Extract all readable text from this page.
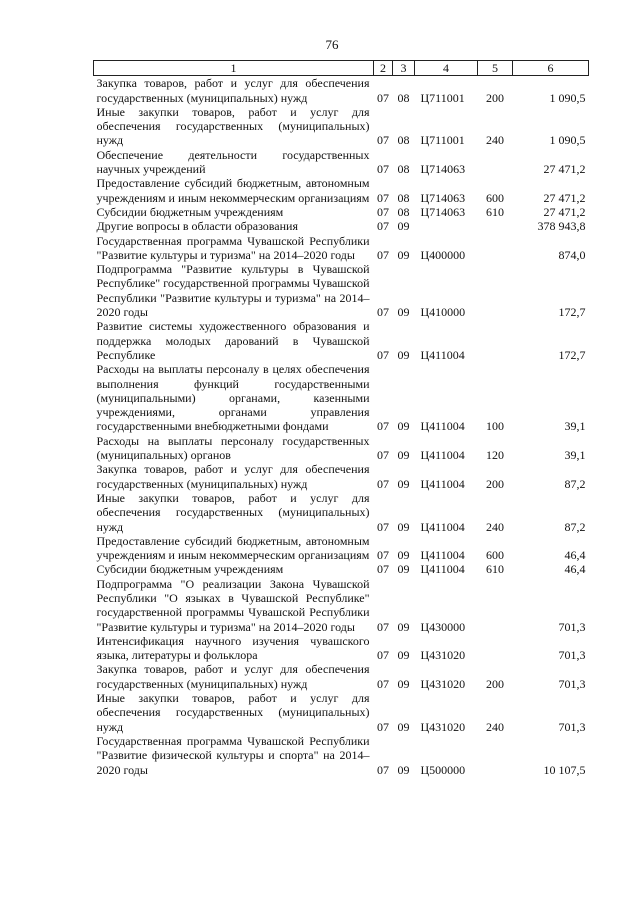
76
1	2	3	4	5	6
Закупка товаров, работ и услуг для обеспечения государственных (муниципальных) нужд	07	08	Ц711001	200	1 090,5
Иные закупки товаров, работ и услуг для обеспечения государственных (муниципальных) нужд	07	08	Ц711001	240	1 090,5
Обеспечение деятельности государственных научных учреждений	07	08	Ц714063		27 471,2
Предоставление субсидий бюджетным, автономным учреждениям и иным некоммерческим организациям	07	08	Ц714063	600	27 471,2
Субсидии бюджетным учреждениям	07	08	Ц714063	610	27 471,2
Другие вопросы в области образования	07	09			378 943,8
Государственная программа Чувашской Республики "Развитие культуры и туризма" на 2014–2020 годы	07	09	Ц400000		874,0
Подпрограмма "Развитие культуры в Чувашской Республике" государственной программы Чувашской Республики "Развитие культуры и туризма" на 2014–2020 годы	07	09	Ц410000		172,7
Развитие системы художественного образования и поддержка молодых дарований в Чувашской Республике	07	09	Ц411004		172,7
Расходы на выплаты персоналу в целях обеспечения выполнения функций государственными (муниципальными) органами, казенными учреждениями, органами управления государственными внебюджетными фондами	07	09	Ц411004	100	39,1
Расходы на выплаты персоналу государственных (муниципальных) органов	07	09	Ц411004	120	39,1
Закупка товаров, работ и услуг для обеспечения государственных (муниципальных) нужд	07	09	Ц411004	200	87,2
Иные закупки товаров, работ и услуг для обеспечения государственных (муниципальных) нужд	07	09	Ц411004	240	87,2
Предоставление субсидий бюджетным, автономным учреждениям и иным некоммерческим организациям	07	09	Ц411004	600	46,4
Субсидии бюджетным учреждениям	07	09	Ц411004	610	46,4
Подпрограмма "О реализации Закона Чувашской Республики "О языках в Чувашской Республике" государственной программы Чувашской Республики "Развитие культуры и туризма" на 2014–2020 годы	07	09	Ц430000		701,3
Интенсификация научного изучения чувашского языка, литературы и фольклора	07	09	Ц431020		701,3
Закупка товаров, работ и услуг для обеспечения государственных (муниципальных) нужд	07	09	Ц431020	200	701,3
Иные закупки товаров, работ и услуг для обеспечения государственных (муниципальных) нужд	07	09	Ц431020	240	701,3
Государственная программа Чувашской Республики "Развитие физической культуры и спорта" на 2014–2020 годы	07	09	Ц500000		10 107,5
